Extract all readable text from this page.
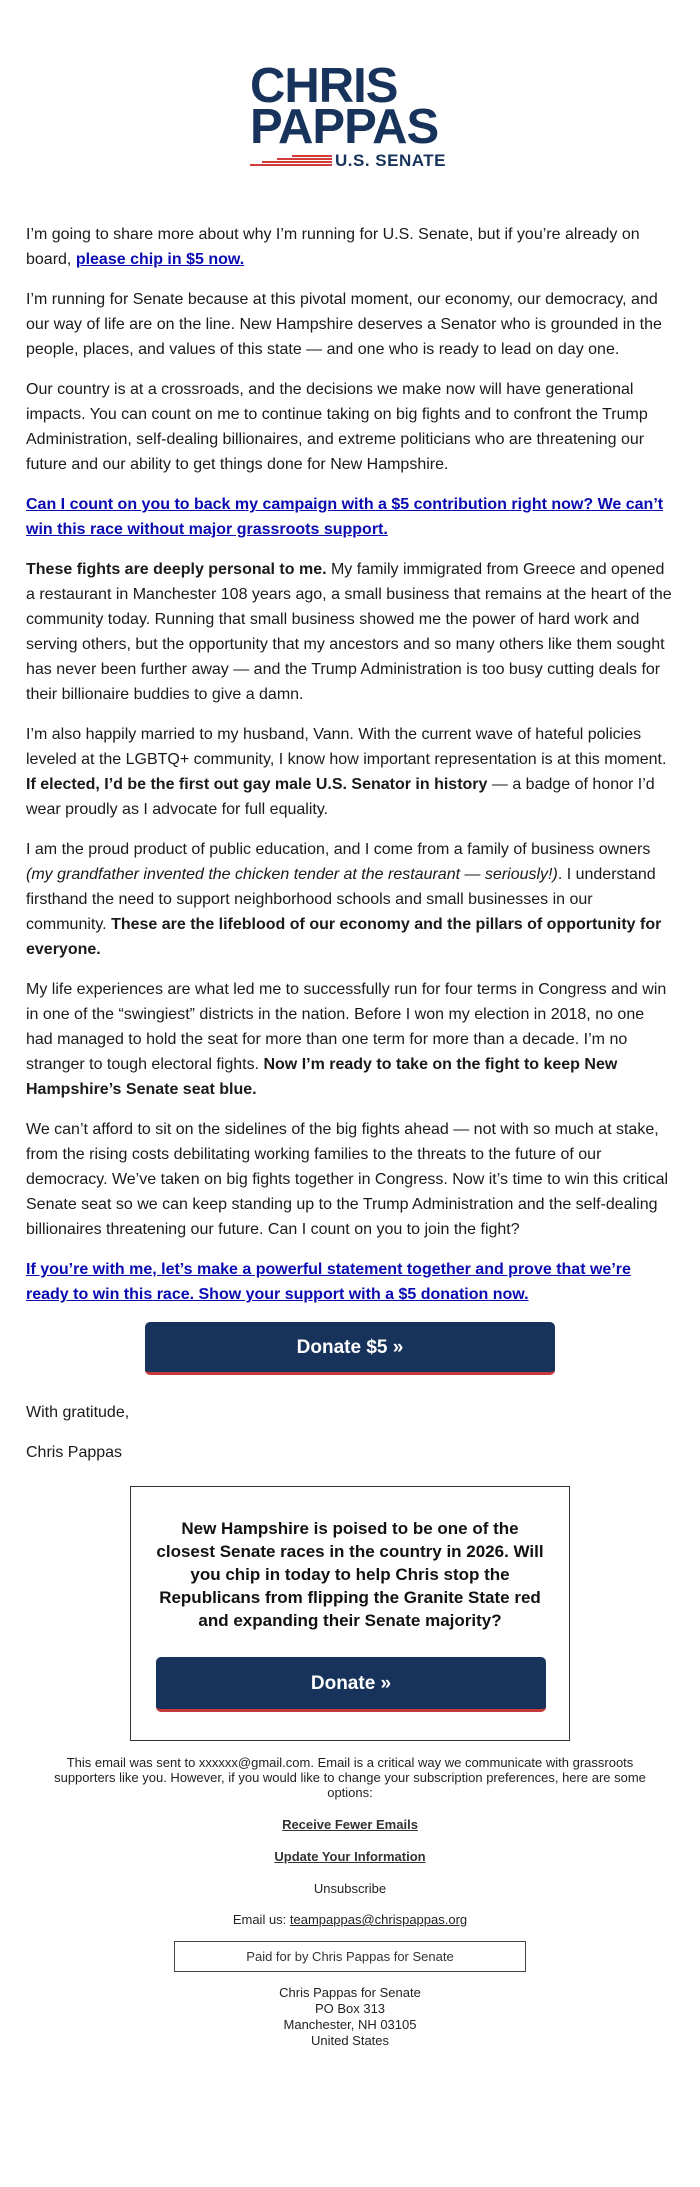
CHRIS
PAPPAS
U.S. SENATE

I’m going to share more about why I’m running for U.S. Senate, but if you’re already on board, please chip in $5 now.

I’m running for Senate because at this pivotal moment, our economy, our democracy, and our way of life are on the line. New Hampshire deserves a Senator who is grounded in the people, places, and values of this state — and one who is ready to lead on day one.

Our country is at a crossroads, and the decisions we make now will have generational impacts. You can count on me to continue taking on big fights and to confront the Trump Administration, self-dealing billionaires, and extreme politicians who are threatening our future and our ability to get things done for New Hampshire.

Can I count on you to back my campaign with a $5 contribution right now? We can’t win this race without major grassroots support.

These fights are deeply personal to me. My family immigrated from Greece and opened a restaurant in Manchester 108 years ago, a small business that remains at the heart of the community today. Running that small business showed me the power of hard work and serving others, but the opportunity that my ancestors and so many others like them sought has never been further away — and the Trump Administration is too busy cutting deals for their billionaire buddies to give a damn.

I’m also happily married to my husband, Vann. With the current wave of hateful policies leveled at the LGBTQ+ community, I know how important representation is at this moment. If elected, I’d be the first out gay male U.S. Senator in history — a badge of honor I’d wear proudly as I advocate for full equality.

I am the proud product of public education, and I come from a family of business owners (my grandfather invented the chicken tender at the restaurant — seriously!). I understand firsthand the need to support neighborhood schools and small businesses in our community. These are the lifeblood of our economy and the pillars of opportunity for everyone.

My life experiences are what led me to successfully run for four terms in Congress and win in one of the “swingiest” districts in the nation. Before I won my election in 2018, no one had managed to hold the seat for more than one term for more than a decade. I’m no stranger to tough electoral fights. Now I’m ready to take on the fight to keep New Hampshire’s Senate seat blue.

We can’t afford to sit on the sidelines of the big fights ahead — not with so much at stake, from the rising costs debilitating working families to the threats to the future of our democracy. We’ve taken on big fights together in Congress. Now it’s time to win this critical Senate seat so we can keep standing up to the Trump Administration and the self-dealing billionaires threatening our future. Can I count on you to join the fight?

If you’re with me, let’s make a powerful statement together and prove that we’re ready to win this race. Show your support with a $5 donation now.

Donate $5 »

With gratitude,

Chris Pappas

New Hampshire is poised to be one of the closest Senate races in the country in 2026. Will you chip in today to help Chris stop the Republicans from flipping the Granite State red and expanding their Senate majority?

Donate »
This email was sent to xxxxxx@gmail.com. Email is a critical way we communicate with grassroots supporters like you. However, if you would like to change your subscription preferences, here are some options:
Receive Fewer Emails
Update Your Information
Unsubscribe
Email us: teampappas@chrispappas.org
Paid for by Chris Pappas for Senate
Chris Pappas for Senate
PO Box 313
Manchester, NH 03105
United States
